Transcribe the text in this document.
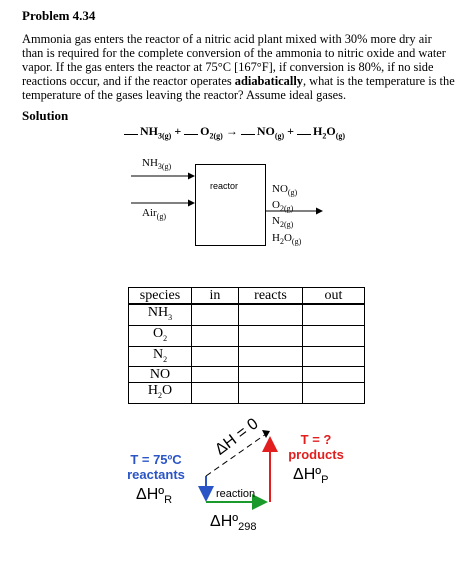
Problem 4.34
Ammonia gas enters the reactor of a nitric acid plant mixed with 30% more dry air than is required for the complete conversion of the ammonia to nitric oxide and water vapor. If the gas enters the reactor at 75°C [167°F], if conversion is 80%, if no side reactions occur, and if the reactor operates adiabatically, what is the temperature is the temperature of the gases leaving the reactor? Assume ideal gases.
Solution
$NH_{3(g)} + O_{2(g)} \to NO_{(g)} + H_2O_{(g)}$
reactor
$NH_{3(g)}$
Air$_{(g)}$
$NO_{(g)}$
$O_{2(g)}$
$N_{2(g)}$
$H_2O_{(g)}$
species	in	reacts	out
$NH_3$			
$O_2$			
$N_2$			
NO			
$H_2O$			
ΔH = 0
T = 75ºC
reactants
ΔHº$_R$
T = ?
products
ΔHº$_P$
reaction
ΔHº$_{298}$
